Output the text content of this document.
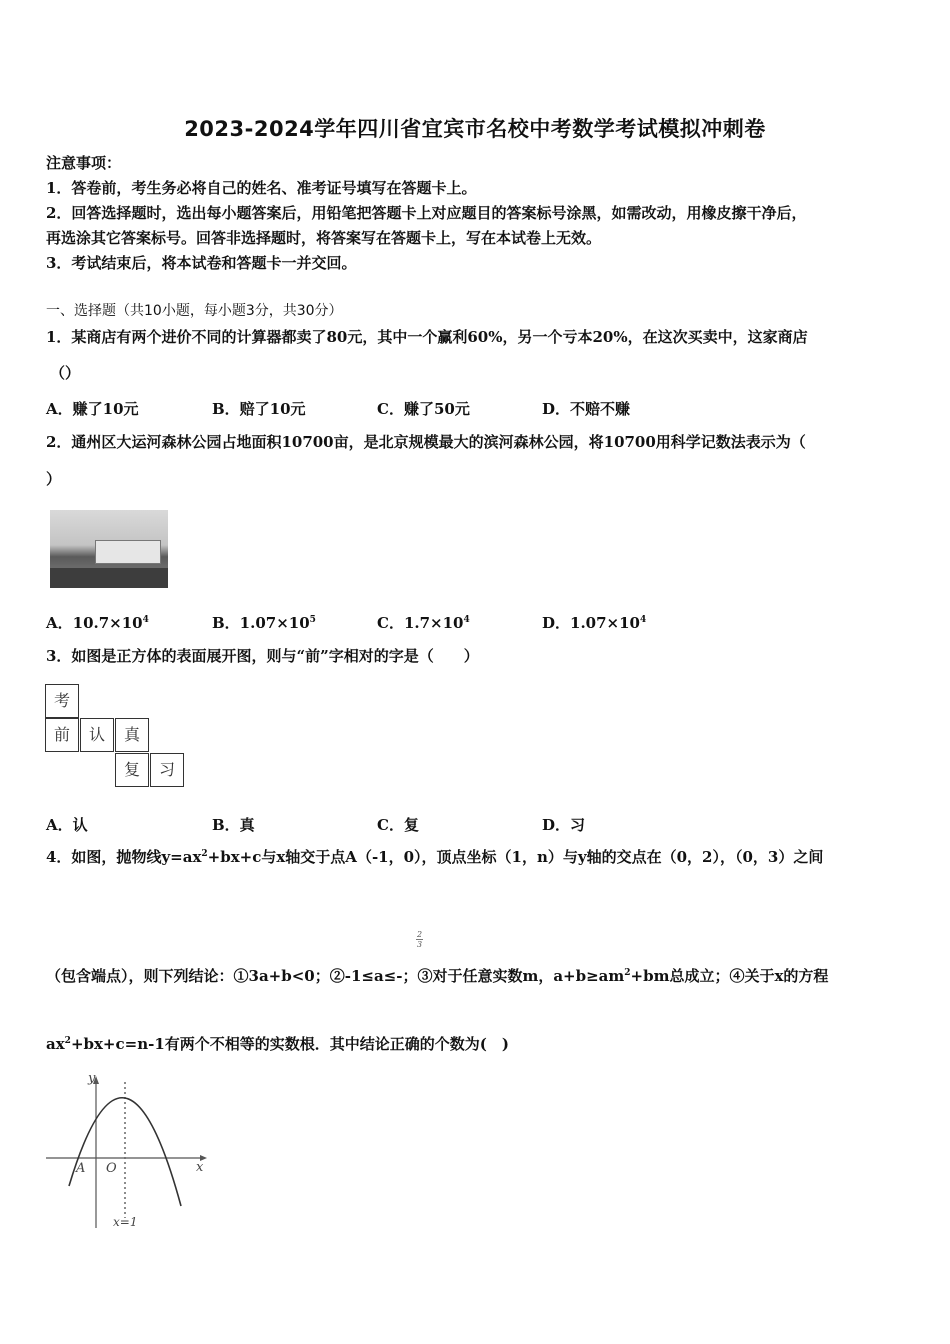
2023-2024学年四川省宜宾市名校中考数学考试模拟冲刺卷
注意事项：
1．答卷前，考生务必将自己的姓名、准考证号填写在答题卡上。
2．回答选择题时，选出每小题答案后，用铅笔把答题卡上对应题目的答案标号涂黑，如需改动，用橡皮擦干净后，
再选涂其它答案标号。回答非选择题时，将答案写在答题卡上，写在本试卷上无效。
3．考试结束后，将本试卷和答题卡一并交回。
一、选择题（共10小题，每小题3分，共30分）
1．某商店有两个进价不同的计算器都卖了80元，其中一个赢利60%，另一个亏本20%，在这次买卖中，这家商店
（）
A．赚了10元	B．赔了10元	C．赚了50元	D．不赔不赚
2．通州区大运河森林公园占地面积10700亩，是北京规模最大的滨河森林公园，将10700用科学记数法表示为（
）
A．$10.7\times 10^4$	B．$1.07\times 10^5$	C．$1.7\times 10^4$	D．$1.07\times 10^4$
3．如图是正方体的表面展开图，则与“前”字相对的字是（　　）
考
前	认	真
复	习
A．认	B．真	C．复	D．习
4．如图，抛物线$y=ax^2+bx+c$与x轴交于点A（-1，0），顶点坐标（1，n）与y轴的交点在（0，2），（0，3）之间
2
3
（包含端点），则下列结论：①3a+b<0；②-1≤a≤-；③对于任意实数m，$a+b\ge am^2+bm$总成立；④关于x的方程
$ax^2+bx+c=n-1$有两个不相等的实数根．其中结论正确的个数为(　)
y
x
O
A
x=1
